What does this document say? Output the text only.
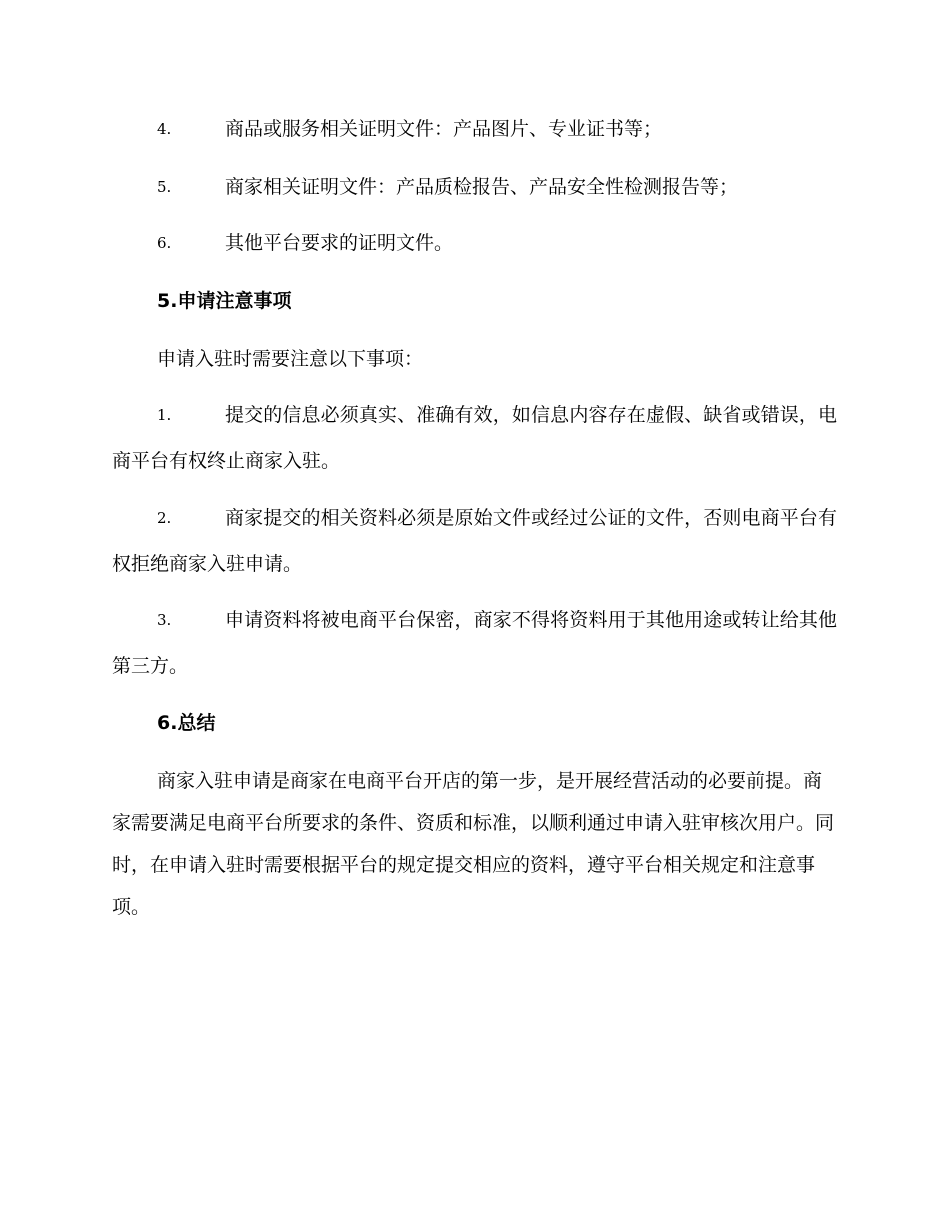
4.	商品或服务相关证明文件：产品图片、专业证书等；
5.	商家相关证明文件：产品质检报告、产品安全性检测报告等；
6.	其他平台要求的证明文件。
5.申请注意事项
申请入驻时需要注意以下事项：
1.	提交的信息必须真实、准确有效，如信息内容存在虚假、缺省或错误，电商平台有权终止商家入驻。
2.	商家提交的相关资料必须是原始文件或经过公证的文件，否则电商平台有权拒绝商家入驻申请。
3.	申请资料将被电商平台保密，商家不得将资料用于其他用途或转让给其他第三方。
6.总结
商家入驻申请是商家在电商平台开店的第一步，是开展经营活动的必要前提。商家需要满足电商平台所要求的条件、资质和标准，以顺利通过申请入驻审核次用户。同时，在申请入驻时需要根据平台的规定提交相应的资料，遵守平台相关规定和注意事项。
